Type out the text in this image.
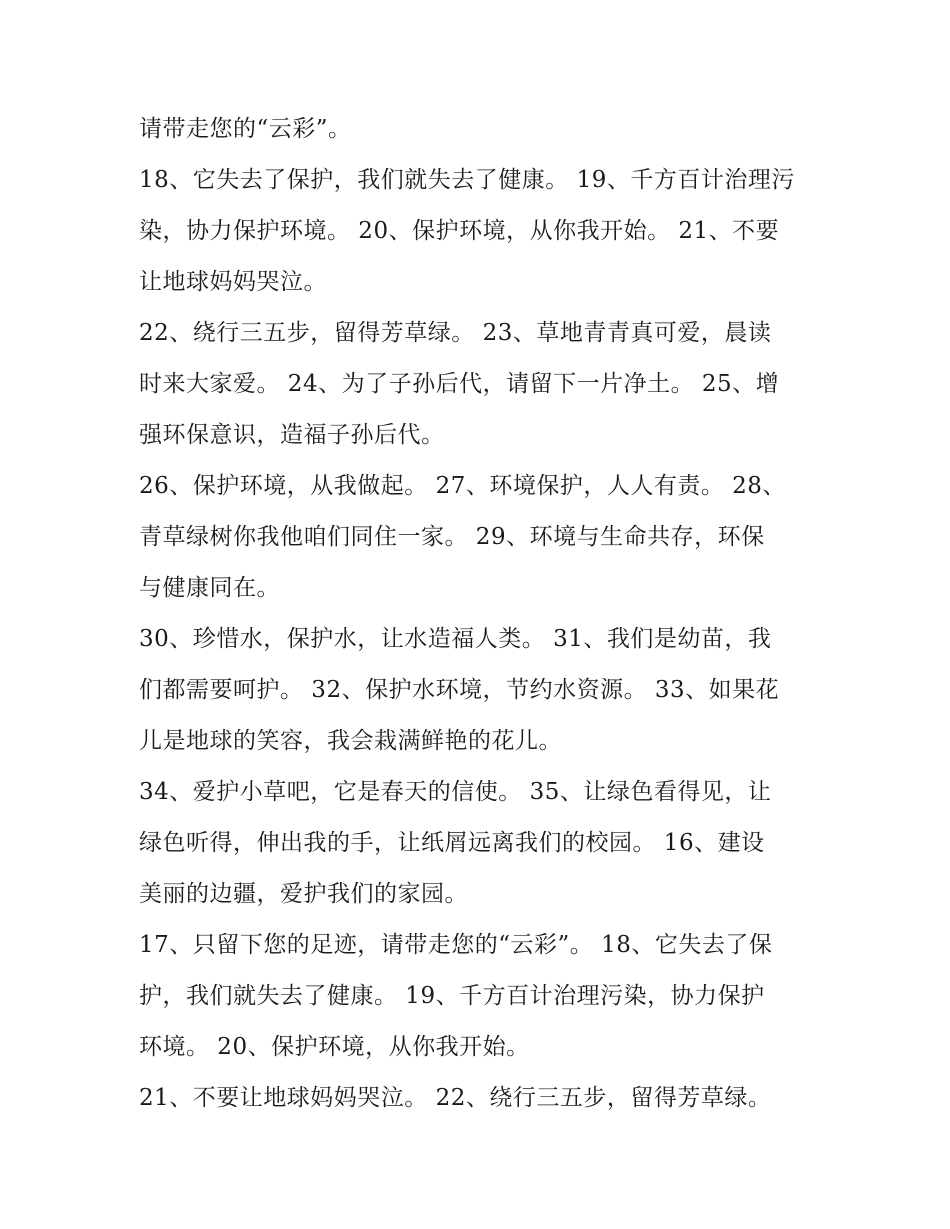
请带走您的“云彩”。
18、它失去了保护，我们就失去了健康。 19、千方百计治理污
染，协力保护环境。 20、保护环境，从你我开始。 21、不要
让地球妈妈哭泣。
22、绕行三五步，留得芳草绿。 23、草地青青真可爱，晨读
时来大家爱。 24、为了子孙后代，请留下一片净土。 25、增
强环保意识，造福子孙后代。
26、保护环境，从我做起。 27、环境保护，人人有责。 28、
青草绿树你我他咱们同住一家。 29、环境与生命共存，环保
与健康同在。
30、珍惜水，保护水，让水造福人类。 31、我们是幼苗，我
们都需要呵护。 32、保护水环境，节约水资源。 33、如果花
儿是地球的笑容，我会栽满鲜艳的花儿。
34、爱护小草吧，它是春天的信使。 35、让绿色看得见，让
绿色听得，伸出我的手，让纸屑远离我们的校园。 16、建设
美丽的边疆，爱护我们的家园。
17、只留下您的足迹，请带走您的“云彩”。 18、它失去了保
护，我们就失去了健康。 19、千方百计治理污染，协力保护
环境。 20、保护环境，从你我开始。
21、不要让地球妈妈哭泣。 22、绕行三五步，留得芳草绿。
